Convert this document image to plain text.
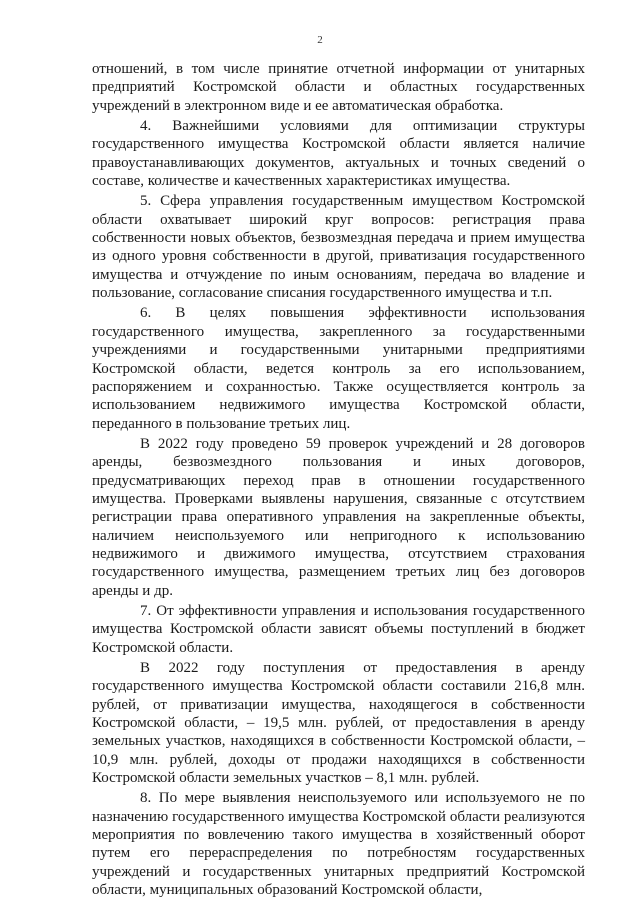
2

отношений, в том числе принятие отчетной информации от унитарных предприятий Костромской области и областных государственных учреждений в электронном виде и ее автоматическая обработка.

4. Важнейшими условиями для оптимизации структуры государственного имущества Костромской области является наличие правоустанавливающих документов, актуальных и точных сведений о составе, количестве и качественных характеристиках имущества.

5. Сфера управления государственным имуществом Костромской области охватывает широкий круг вопросов: регистрация права собственности новых объектов, безвозмездная передача и прием имущества из одного уровня собственности в другой, приватизация государственного имущества и отчуждение по иным основаниям, передача во владение и пользование, согласование списания государственного имущества и т.п.

6. В целях повышения эффективности использования государственного имущества, закрепленного за государственными учреждениями и государственными унитарными предприятиями Костромской области, ведется контроль за его использованием, распоряжением и сохранностью. Также осуществляется контроль за использованием недвижимого имущества Костромской области, переданного в пользование третьих лиц.

В 2022 году проведено 59 проверок учреждений и 28 договоров аренды, безвозмездного пользования и иных договоров, предусматривающих переход прав в отношении государственного имущества. Проверками выявлены нарушения, связанные с отсутствием регистрации права оперативного управления на закрепленные объекты, наличием неиспользуемого или непригодного к использованию недвижимого и движимого имущества, отсутствием страхования государственного имущества, размещением третьих лиц без договоров аренды и др.

7. От эффективности управления и использования государственного имущества Костромской области зависят объемы поступлений в бюджет Костромской области.

В 2022 году поступления от предоставления в аренду государственного имущества Костромской области составили 216,8 млн. рублей, от приватизации имущества, находящегося в собственности Костромской области, – 19,5 млн. рублей, от предоставления в аренду земельных участков, находящихся в собственности Костромской области, – 10,9 млн. рублей, доходы от продажи находящихся в собственности Костромской области земельных участков – 8,1 млн. рублей.

8. По мере выявления неиспользуемого или используемого не по назначению государственного имущества Костромской области реализуются мероприятия по вовлечению такого имущества в хозяйственный оборот путем его перераспределения по потребностям государственных учреждений и государственных унитарных предприятий Костромской области, муниципальных образований Костромской области,
